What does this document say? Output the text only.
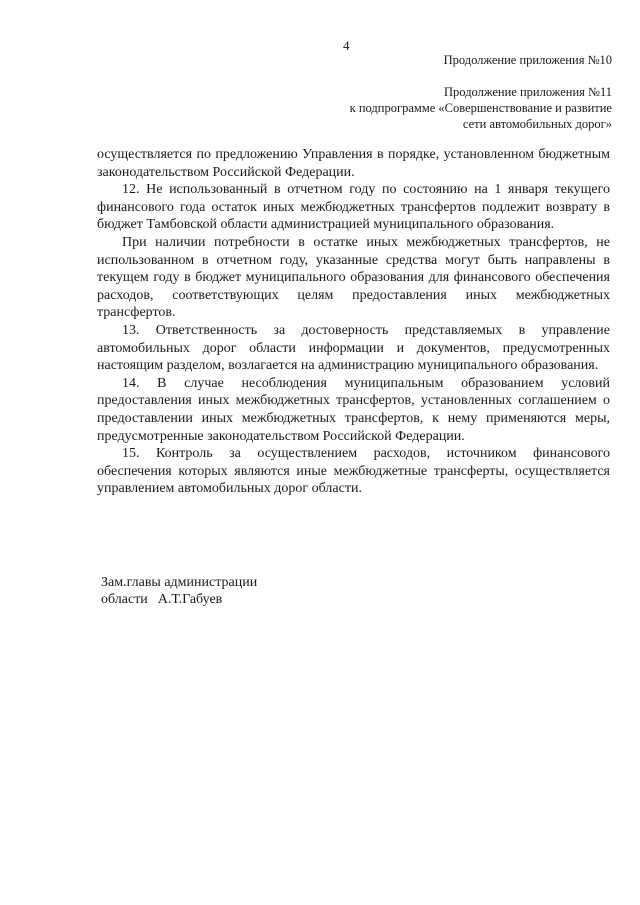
4
Продолжение приложения №10
Продолжение приложения №11
к подпрограмме «Совершенствование и развитие
сети автомобильных дорог»

осуществляется по предложению Управления в порядке, установленном бюджетным законодательством Российской Федерации.

12. Не использованный в отчетном году по состоянию на 1 января текущего финансового года остаток иных межбюджетных трансфертов подлежит возврату в бюджет Тамбовской области администрацией муниципального образования.

При наличии потребности в остатке иных межбюджетных трансфертов, не использованном в отчетном году, указанные средства могут быть направлены в текущем году в бюджет муниципального образования для финансового обеспечения расходов, соответствующих целям предоставления иных межбюджетных трансфертов.

13. Ответственность за достоверность представляемых в управление автомобильных дорог области информации и документов, предусмотренных настоящим разделом, возлагается на администрацию муниципального образования.

14. В случае несоблюдения муниципальным образованием условий предоставления иных межбюджетных трансфертов, установленных соглашением о предоставлении иных межбюджетных трансфертов, к нему применяются меры, предусмотренные законодательством Российской Федерации.

15. Контроль за осуществлением расходов, источником финансового обеспечения которых являются иные межбюджетные трансферты, осуществляется управлением автомобильных дорог области.

Зам.главы администрации
области А.Т.Габуев
